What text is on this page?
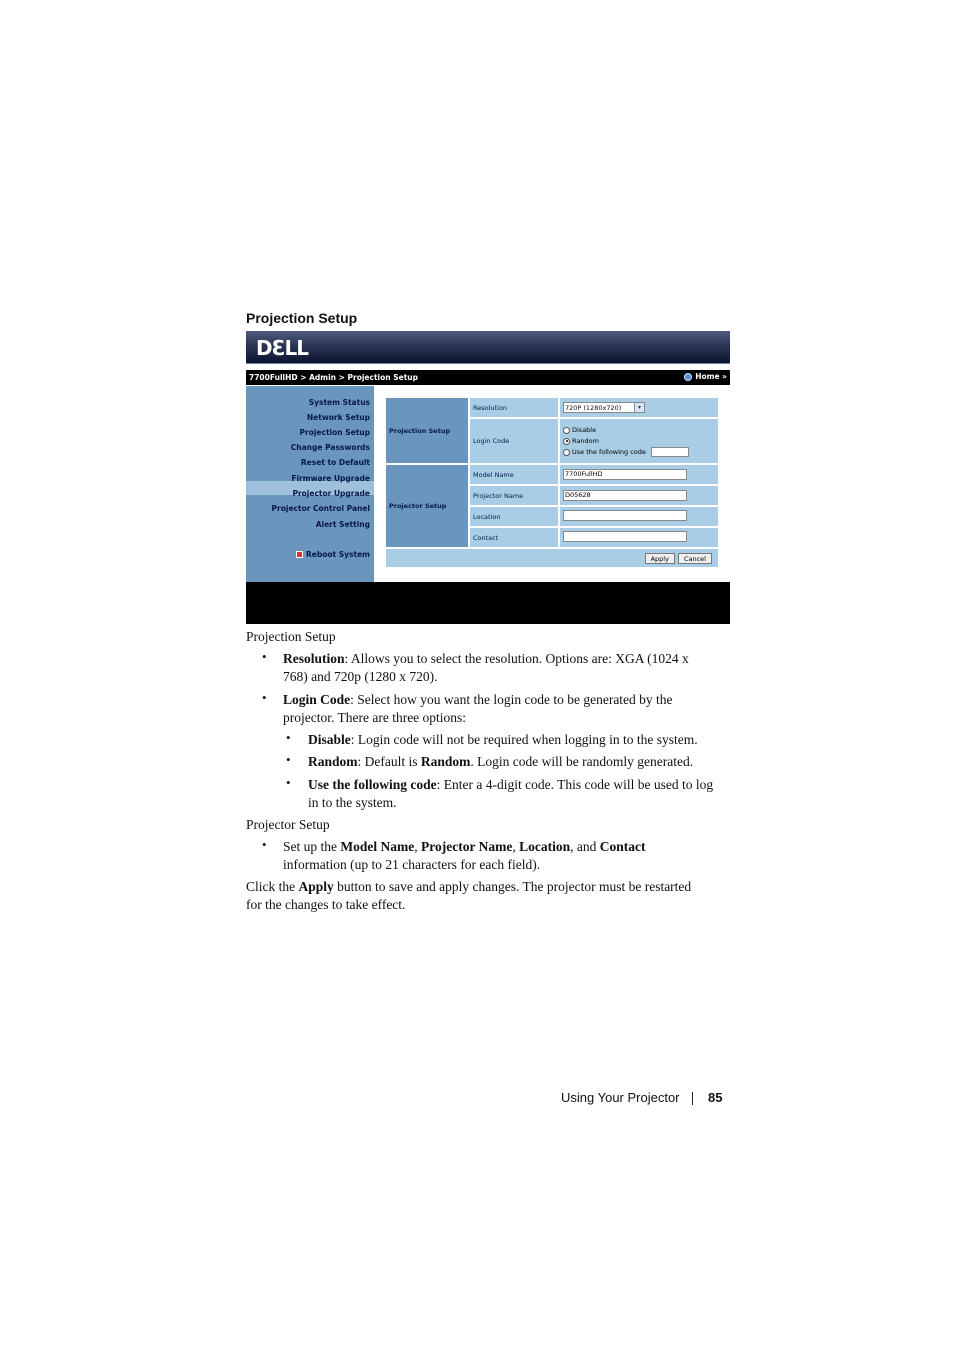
Projection Setup
DƐLL
7700FullHD > Admin > Projection Setup	Home »
System Status
Network Setup
Projection Setup
Change Passwords
Reset to Default
Firmware Upgrade
Projector Upgrade
Projector Control Panel
Alert Setting
Reboot System
Projection Setup	Resolution	720P (1280x720) ▾

	Login Code	Disable
Random
Use the following code

Projector Setup	Model Name	7700FullHD
	Projector Name	D05628
	Location	
	Contact	
Apply Cancel		
Projection Setup
• Resolution: Allows you to select the resolution. Options are: XGA (1024 x
768) and 720p (1280 x 720).
• Login Code: Select how you want the login code to be generated by the
projector. There are three options:
• Disable: Login code will not be required when logging in to the system.
• Random: Default is Random. Login code will be randomly generated.
• Use the following code: Enter a 4-digit code. This code will be used to log
in to the system.
Projector Setup
• Set up the Model Name, Projector Name, Location, and Contact
information (up to 21 characters for each field).
Click the Apply button to save and apply changes. The projector must be restarted
for the changes to take effect.
Using Your Projector 85
